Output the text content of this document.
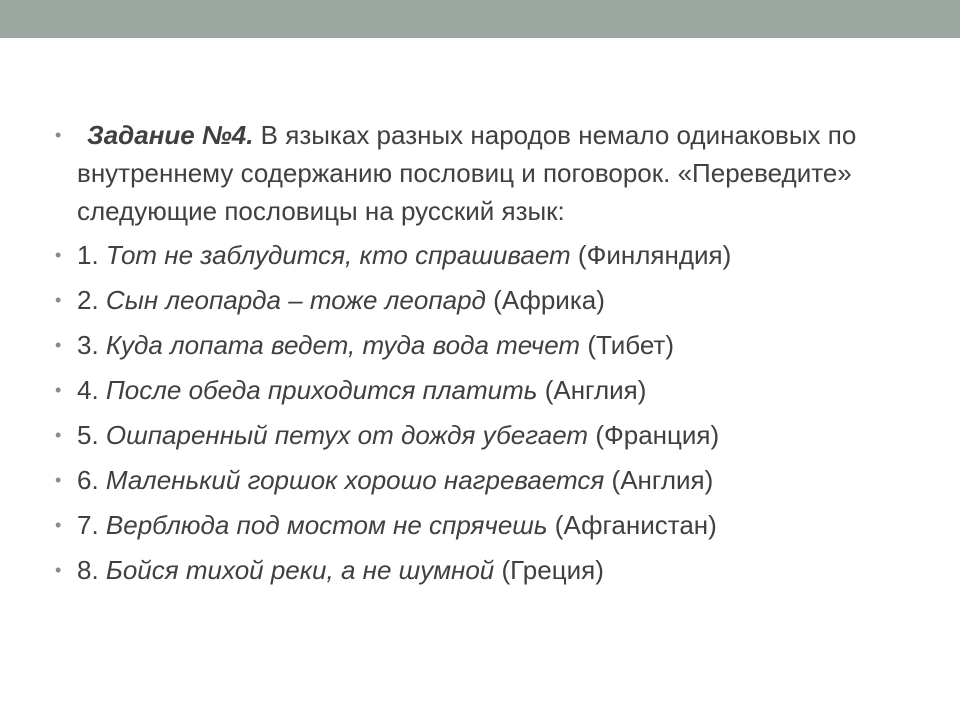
• Задание №4. В языках разных народов немало одинаковых по внутреннему содержанию пословиц и поговорок. «Переведите» следующие пословицы на русский язык:
• 1. Тот не заблудится, кто спрашивает (Финляндия)
• 2. Сын леопарда – тоже леопард (Африка)
• 3. Куда лопата ведет, туда вода течет (Тибет)
• 4. После обеда приходится платить (Англия)
• 5. Ошпаренный петух от дождя убегает (Франция)
• 6. Маленький горшок хорошо нагревается (Англия)
• 7. Верблюда под мостом не спрячешь (Афганистан)
• 8. Бойся тихой реки, а не шумной (Греция)
